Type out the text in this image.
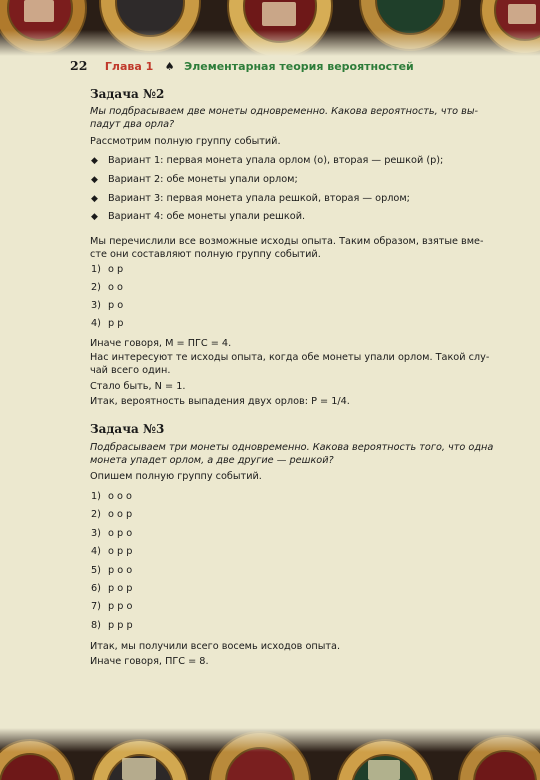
22 Глава 1 ♠ Элементарная теория вероятностей
Задача №2
Мы подбрасываем две монеты одновременно. Какова вероятность, что вы-
падут два орла?
Рассмотрим полную группу событий.
◆ Вариант 1: первая монета упала орлом (о), вторая — решкой (р);
◆ Вариант 2: обе монеты упали орлом;
◆ Вариант 3: первая монета упала решкой, вторая — орлом;
◆ Вариант 4: обе монеты упали решкой.
Мы перечислили все возможные исходы опыта. Таким образом, взятые вме-
сте они составляют полную группу событий.
1) о р
2) о о
3) р о
4) р р
Иначе говоря, M = ПГС = 4.
Нас интересуют те исходы опыта, когда обе монеты упали орлом. Такой слу-
чай всего один.
Стало быть, N = 1.
Итак, вероятность выпадения двух орлов: P = 1/4.
Задача №3
Подбрасываем три монеты одновременно. Какова вероятность того, что одна
монета упадет орлом, а две другие — решкой?
Опишем полную группу событий.
1) о о о
2) о о р
3) о р о
4) о р р
5) р о о
6) р о р
7) р р о
8) р р р
Итак, мы получили всего восемь исходов опыта.
Иначе говоря, ПГС = 8.
